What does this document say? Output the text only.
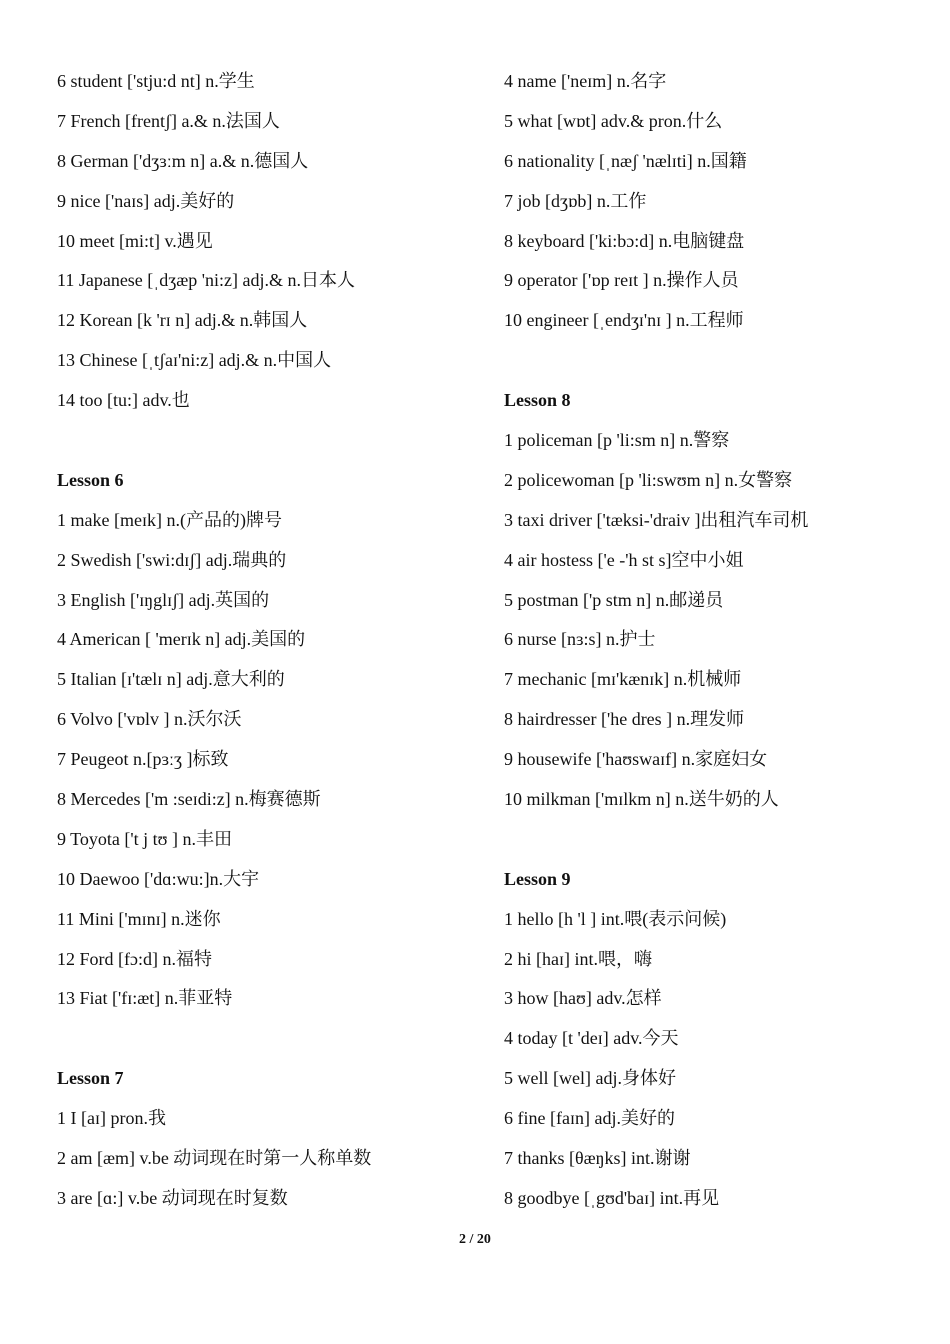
6 student ['stju:d nt] n.学生
7 French [frentʃ] a.& n.法国人
8 German ['dʒɜːm n] a.& n.德国人
9 nice ['naɪs] adj.美好的
10 meet [mi:t] v.遇见
11 Japanese [ˌdʒæp 'ni:z] adj.& n.日本人
12 Korean [k 'rɪ n] adj.& n.韩国人
13 Chinese [ˌtʃaɪ'ni:z] adj.& n.中国人
14 too [tu:] adv.也
Lesson 6
1 make [meɪk] n.(产品的)牌号
2 Swedish ['swi:dɪʃ] adj.瑞典的
3 English ['ɪŋglɪʃ] adj.英国的
4 American [ 'merɪk n] adj.美国的
5 Italian [ɪ'tælɪ n] adj.意大利的
6 Volvo ['vɒlv ] n.沃尔沃
7 Peugeot n.[pɜːʒ ]标致
8 Mercedes ['m :seɪdi:z] n.梅赛德斯
9 Toyota ['t j tʊ ] n.丰田
10 Daewoo ['dɑ:wu:]n.大宇
11 Mini ['mɪnɪ] n.迷你
12 Ford [fɔ:d] n.福特
13 Fiat ['fɪ:æt] n.菲亚特
Lesson 7
1 I [aɪ] pron.我
2 am [æm] v.be 动词现在时第一人称单数
3 are [ɑ:] v.be 动词现在时复数
4 name ['neɪm] n.名字
5 what [wɒt] adv.& pron.什么
6 nationality [ˌnæʃ 'nælɪti] n.国籍
7 job [dʒɒb] n.工作
8 keyboard ['ki:bɔ:d] n.电脑键盘
9 operator ['ɒp reɪt ] n.操作人员
10 engineer [ˌendʒɪ'nɪ ] n.工程师
Lesson 8
1 policeman [p 'li:sm n] n.警察
2 policewoman [p 'li:swʊm n] n.女警察
3 taxi driver ['tæksi-'draiv ]出租汽车司机
4 air hostess ['e -'h st s]空中小姐
5 postman ['p stm n] n.邮递员
6 nurse [nɜ:s] n.护士
7 mechanic [mɪ'kænɪk] n.机械师
8 hairdresser ['he dres ] n.理发师
9 housewife ['haʊswaɪf] n.家庭妇女
10 milkman ['mɪlkm n] n.送牛奶的人
Lesson 9
1 hello [h 'l ] int.喂(表示问候)
2 hi [haɪ] int.喂，嗨
3 how [haʊ] adv.怎样
4 today [t 'deɪ] adv.今天
5 well [wel] adj.身体好
6 fine [faɪn] adj.美好的
7 thanks [θæŋks] int.谢谢
8 goodbye [ˌgʊd'baɪ] int.再见
2 / 20
